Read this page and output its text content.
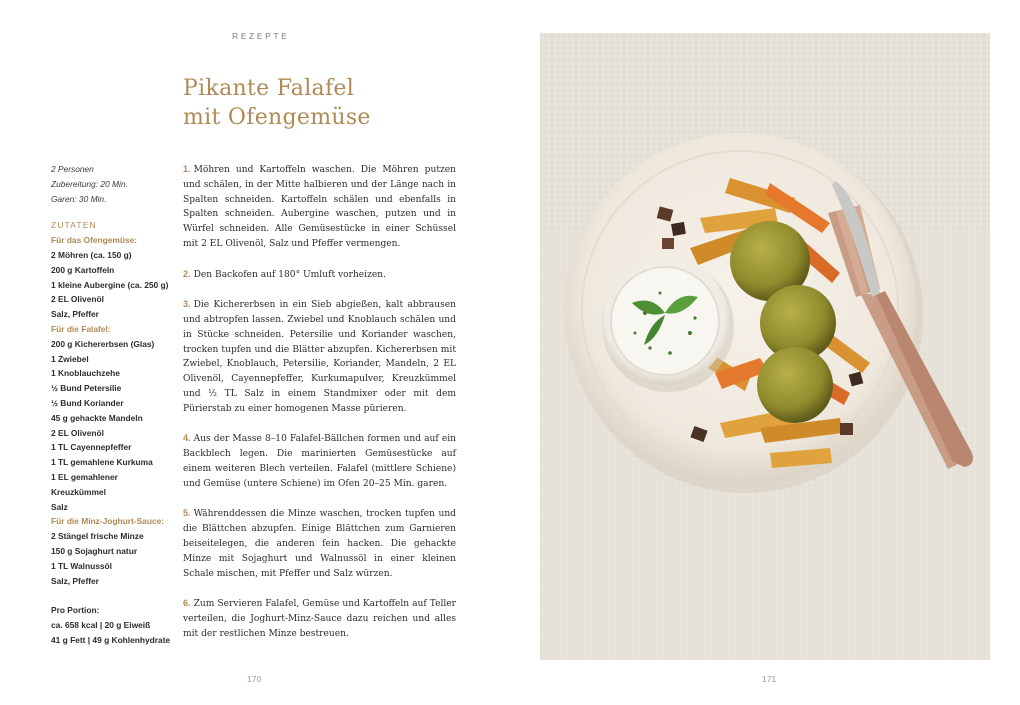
REZEPTE
Pikante Falafel
mit Ofengemüse
2 Personen
Zubereitung: 20 Min.
Garen: 30 Min.
ZUTATEN
Für das Ofengemüse:
2 Möhren (ca. 150 g)
200 g Kartoffeln
1 kleine Aubergine (ca. 250 g)
2 EL Olivenöl
Salz, Pfeffer
Für die Falafel:
200 g Kichererbsen (Glas)
1 Zwiebel
1 Knoblauchzehe
½ Bund Petersilie
½ Bund Koriander
45 g gehackte Mandeln
2 EL Olivenöl
1 TL Cayennepfeffer
1 TL gemahlene Kurkuma
1 EL gemahlener
Kreuzkümmel
Salz
Für die Minz-Joghurt-Sauce:
2 Stängel frische Minze
150 g Sojaghurt natur
1 TL Walnussöl
Salz, Pfeffer
Pro Portion:
ca. 658 kcal | 20 g Eiweiß
41 g Fett | 49 g Kohlenhydrate

1. Möhren und Kartoffeln waschen. Die Möhren putzen und schälen, in der Mitte halbieren und der Länge nach in Spalten schneiden. Kartoffeln schälen und ebenfalls in Spalten schneiden. Aubergine waschen, putzen und in Würfel schneiden. Alle Gemüsestücke in einer Schüssel mit 2 EL Olivenöl, Salz und Pfeffer vermengen.

2. Den Backofen auf 180° Umluft vorheizen.

3. Die Kichererbsen in ein Sieb abgießen, kalt abbrausen und abtropfen lassen. Zwiebel und Knoblauch schälen und in Stücke schneiden. Petersilie und Koriander waschen, trocken tupfen und die Blätter abzupfen. Kichererbsen mit Zwiebel, Knoblauch, Petersilie, Koriander, Mandeln, 2 EL Olivenöl, Cayennepfeffer, Kurkumapulver, Kreuzkümmel und ½ TL Salz in einem Standmixer oder mit dem Pürierstab zu einer homogenen Masse pürieren.

4. Aus der Masse 8–10 Falafel-Bällchen formen und auf ein Backblech legen. Die marinierten Gemüsestücke auf einem weiteren Blech verteilen. Falafel (mittlere Schiene) und Gemüse (untere Schiene) im Ofen 20–25 Min. garen.

5. Währenddessen die Minze waschen, trocken tupfen und die Blättchen abzupfen. Einige Blättchen zum Garnieren beiseitelegen, die anderen fein hacken. Die gehackte Minze mit Sojaghurt und Walnussöl in einer kleinen Schale mischen, mit Pfeffer und Salz würzen.

6. Zum Servieren Falafel, Gemüse und Kartoffeln auf Teller verteilen, die Joghurt-Minz-Sauce dazu reichen und alles mit der restlichen Minze bestreuen.

170	171
